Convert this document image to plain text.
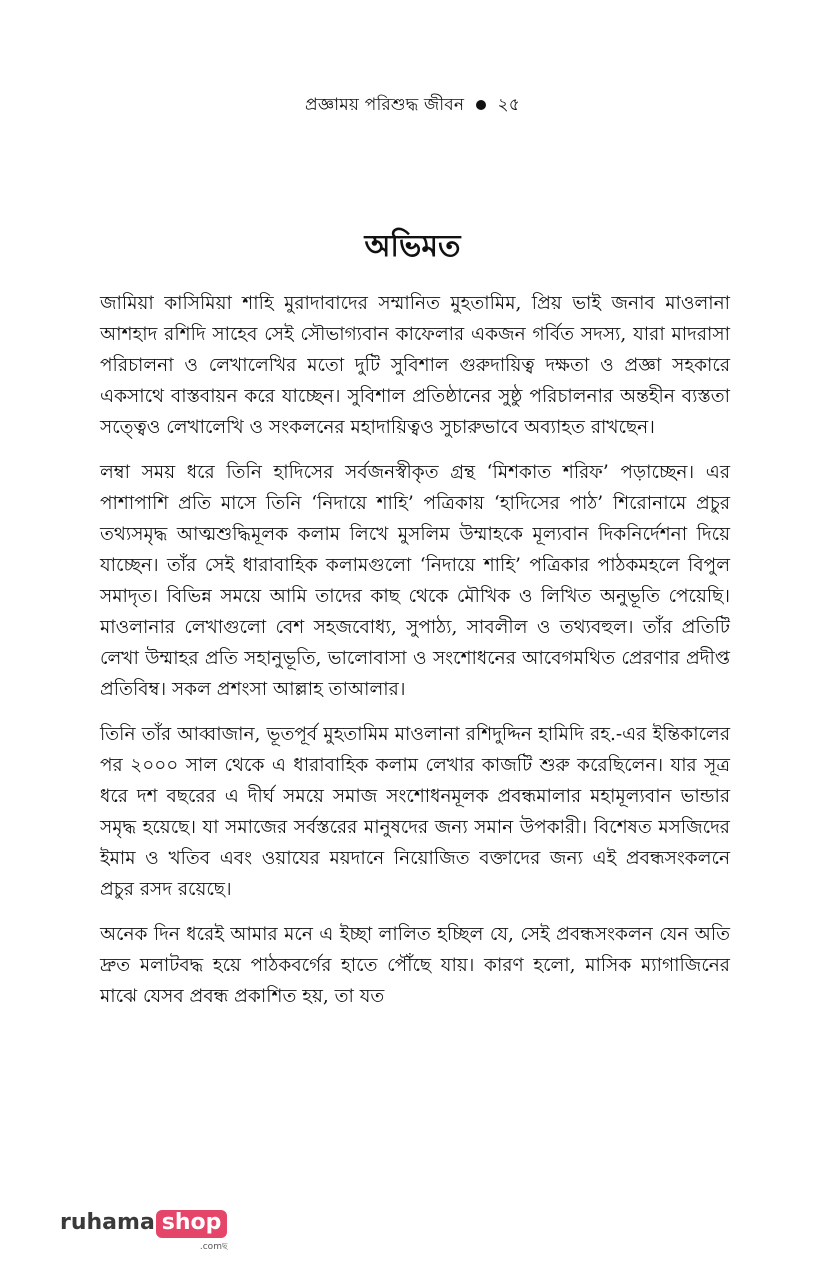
প্রজ্ঞাময় পরিশুদ্ধ জীবন ২৫
অভিমত

জামিয়া কাসিমিয়া শাহি মুরাদাবাদের সম্মানিত মুহতামিম, প্রিয় ভাই জনাব মাওলানা আশহাদ রশিদি সাহেব সেই সৌভাগ্যবান কাফেলার একজন গর্বিত সদস্য, যারা মাদরাসা পরিচালনা ও লেখালেখির মতো দুটি সুবিশাল গুরুদায়িত্ব দক্ষতা ও প্রজ্ঞা সহকারে একসাথে বাস্তবায়ন করে যাচ্ছেন। সুবিশাল প্রতিষ্ঠানের সুষ্ঠু পরিচালনার অন্তহীন ব্যস্ততা সত্ত্বেও লেখালেখি ও সংকলনের মহাদায়িত্বও সুচারুভাবে অব্যাহত রাখছেন।

লম্বা সময় ধরে তিনি হাদিসের সর্বজনস্বীকৃত গ্রন্থ ‘মিশকাত শরিফ’ পড়াচ্ছেন। এর পাশাপাশি প্রতি মাসে তিনি ‘নিদায়ে শাহি’ পত্রিকায় ‘হাদিসের পাঠ’ শিরোনামে প্রচুর তথ্যসমৃদ্ধ আত্মশুদ্ধিমূলক কলাম লিখে মুসলিম উম্মাহকে মূল্যবান দিকনির্দেশনা দিয়ে যাচ্ছেন। তাঁর সেই ধারাবাহিক কলামগুলো ‘নিদায়ে শাহি’ পত্রিকার পাঠকমহলে বিপুল সমাদৃত। বিভিন্ন সময়ে আমি তাদের কাছ থেকে মৌখিক ও লিখিত অনুভূতি পেয়েছি। মাওলানার লেখাগুলো বেশ সহজবোধ্য, সুপাঠ্য, সাবলীল ও তথ্যবহুল। তাঁর প্রতিটি লেখা উম্মাহর প্রতি সহানুভূতি, ভালোবাসা ও সংশোধনের আবেগমথিত প্রেরণার প্রদীপ্ত প্রতিবিম্ব। সকল প্রশংসা আল্লাহ তাআলার।

তিনি তাঁর আব্বাজান, ভূতপূর্ব মুহতামিম মাওলানা রশিদুদ্দিন হামিদি রহ.-এর ইন্তিকালের পর ২০০০ সাল থেকে এ ধারাবাহিক কলাম লেখার কাজটি শুরু করেছিলেন। যার সূত্র ধরে দশ বছরের এ দীর্ঘ সময়ে সমাজ সংশোধনমূলক প্রবন্ধমালার মহামূল্যবান ভান্ডার সমৃদ্ধ হয়েছে। যা সমাজের সর্বস্তরের মানুষদের জন্য সমান উপকারী। বিশেষত মসজিদের ইমাম ও খতিব এবং ওয়াযের ময়দানে নিয়োজিত বক্তাদের জন্য এই প্রবন্ধসংকলনে প্রচুর রসদ রয়েছে।

অনেক দিন ধরেই আমার মনে এ ইচ্ছা লালিত হচ্ছিল যে, সেই প্রবন্ধসংকলন যেন অতি দ্রুত মলাটবদ্ধ হয়ে পাঠকবর্গের হাতে পৌঁছে যায়। কারণ হলো, মাসিক ম্যাগাজিনের মাঝে যেসব প্রবন্ধ প্রকাশিত হয়, তা যত

ruhama shop
.comছ
